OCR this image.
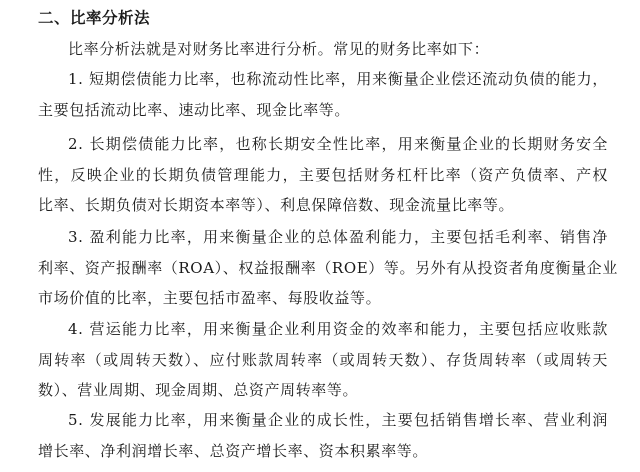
二、比率分析法
比率分析法就是对财务比率进行分析。常见的财务比率如下：
1. 短期偿债能力比率，也称流动性比率，用来衡量企业偿还流动负债的能力，
主要包括流动比率、速动比率、现金比率等。
2. 长期偿债能力比率，也称长期安全性比率，用来衡量企业的长期财务安全
性，反映企业的长期负债管理能力，主要包括财务杠杆比率（资产负债率、产权
比率、长期负债对长期资本率等）、利息保障倍数、现金流量比率等。
3. 盈利能力比率，用来衡量企业的总体盈利能力，主要包括毛利率、销售净
利率、资产报酬率（ROA）、权益报酬率（ROE）等。另外有从投资者角度衡量企业
市场价值的比率，主要包括市盈率、每股收益等。
4. 营运能力比率，用来衡量企业利用资金的效率和能力，主要包括应收账款
周转率（或周转天数）、应付账款周转率（或周转天数）、存货周转率（或周转天
数）、营业周期、现金周期、总资产周转率等。
5. 发展能力比率，用来衡量企业的成长性，主要包括销售增长率、营业利润
增长率、净利润增长率、总资产增长率、资本积累率等。
